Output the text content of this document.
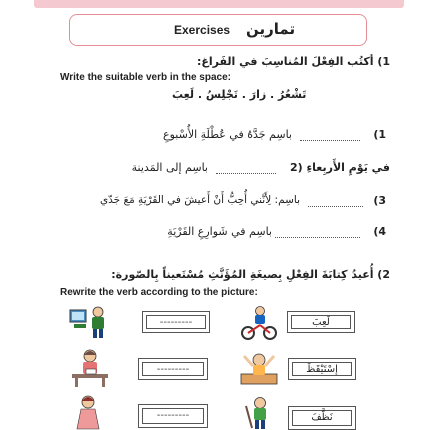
Exercises تمارين
1) أكتُب الفِعْلَ المُناسِبَ في الفَراغ:
Write the suitable verb in the space:
تَشْعُرُ . زارَ . تَجْلِسُ . لَعِبَ
(1
باسِم جَدَّهُ في عُطْلَةِ الأُسْبوعِ
2) في يَوْمِ الأَربِعاءِ
باسِم إلى المَدينة
(3
باسِم: لِأَنَّني أُحِبُّ أَنْ أَعيشَ في القَرْيَةِ مَعَ جَدّي
(4
باسِم في شَوارِعِ القَرْيَةِ
2) أُعيدُ كِتابَةَ الفِعْلِ بِصيغَةِ المُؤَنَّثِ مُسْتَعيناً بِالصّورة:
Rewrite the verb according to the picture:
---------	لَعِبَ
---------	إسْتَيْقَظَ
---------	نَظَّفَ
